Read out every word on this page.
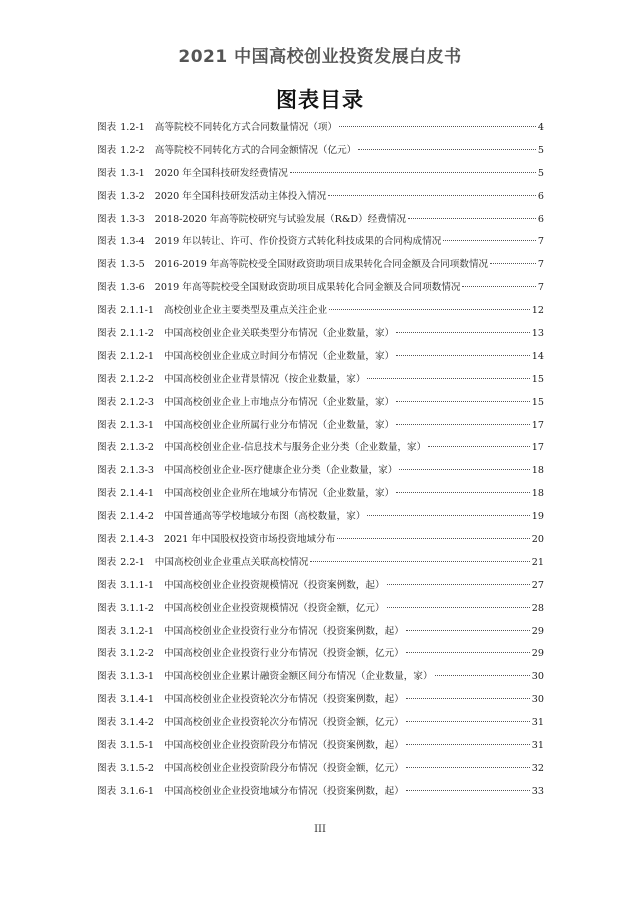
2021 中国高校创业投资发展白皮书
图表目录
图表 1.2-1 高等院校不同转化方式合同数量情况（项）	4
图表 1.2-2 高等院校不同转化方式的合同金额情况（亿元）	5
图表 1.3-1 2020 年全国科技研发经费情况	5
图表 1.3-2 2020 年全国科技研发活动主体投入情况	6
图表 1.3-3 2018-2020 年高等院校研究与试验发展（R&D）经费情况	6
图表 1.3-4 2019 年以转让、许可、作价投资方式转化科技成果的合同构成情况	7
图表 1.3-5 2016-2019 年高等院校受全国财政资助项目成果转化合同金额及合同项数情况	7
图表 1.3-6 2019 年高等院校受全国财政资助项目成果转化合同金额及合同项数情况	7
图表 2.1.1-1 高校创业企业主要类型及重点关注企业	12
图表 2.1.1-2 中国高校创业企业关联类型分布情况（企业数量，家）	13
图表 2.1.2-1 中国高校创业企业成立时间分布情况（企业数量，家）	14
图表 2.1.2-2 中国高校创业企业背景情况（按企业数量，家）	15
图表 2.1.2-3 中国高校创业企业上市地点分布情况（企业数量，家）	15
图表 2.1.3-1 中国高校创业企业所属行业分布情况（企业数量，家）	17
图表 2.1.3-2 中国高校创业企业-信息技术与服务企业分类（企业数量，家）	17
图表 2.1.3-3 中国高校创业企业-医疗健康企业分类（企业数量，家）	18
图表 2.1.4-1 中国高校创业企业所在地域分布情况（企业数量，家）	18
图表 2.1.4-2 中国普通高等学校地域分布图（高校数量，家）	19
图表 2.1.4-3 2021 年中国股权投资市场投资地域分布	20
图表 2.2-1 中国高校创业企业重点关联高校情况	21
图表 3.1.1-1 中国高校创业企业投资规模情况（投资案例数，起）	27
图表 3.1.1-2 中国高校创业企业投资规模情况（投资金额，亿元）	28
图表 3.1.2-1 中国高校创业企业投资行业分布情况（投资案例数，起）	29
图表 3.1.2-2 中国高校创业企业投资行业分布情况（投资金额，亿元）	29
图表 3.1.3-1 中国高校创业企业累计融资金额区间分布情况（企业数量，家）	30
图表 3.1.4-1 中国高校创业企业投资轮次分布情况（投资案例数，起）	30
图表 3.1.4-2 中国高校创业企业投资轮次分布情况（投资金额，亿元）	31
图表 3.1.5-1 中国高校创业企业投资阶段分布情况（投资案例数，起）	31
图表 3.1.5-2 中国高校创业企业投资阶段分布情况（投资金额，亿元）	32
图表 3.1.6-1 中国高校创业企业投资地域分布情况（投资案例数，起）	33
III
